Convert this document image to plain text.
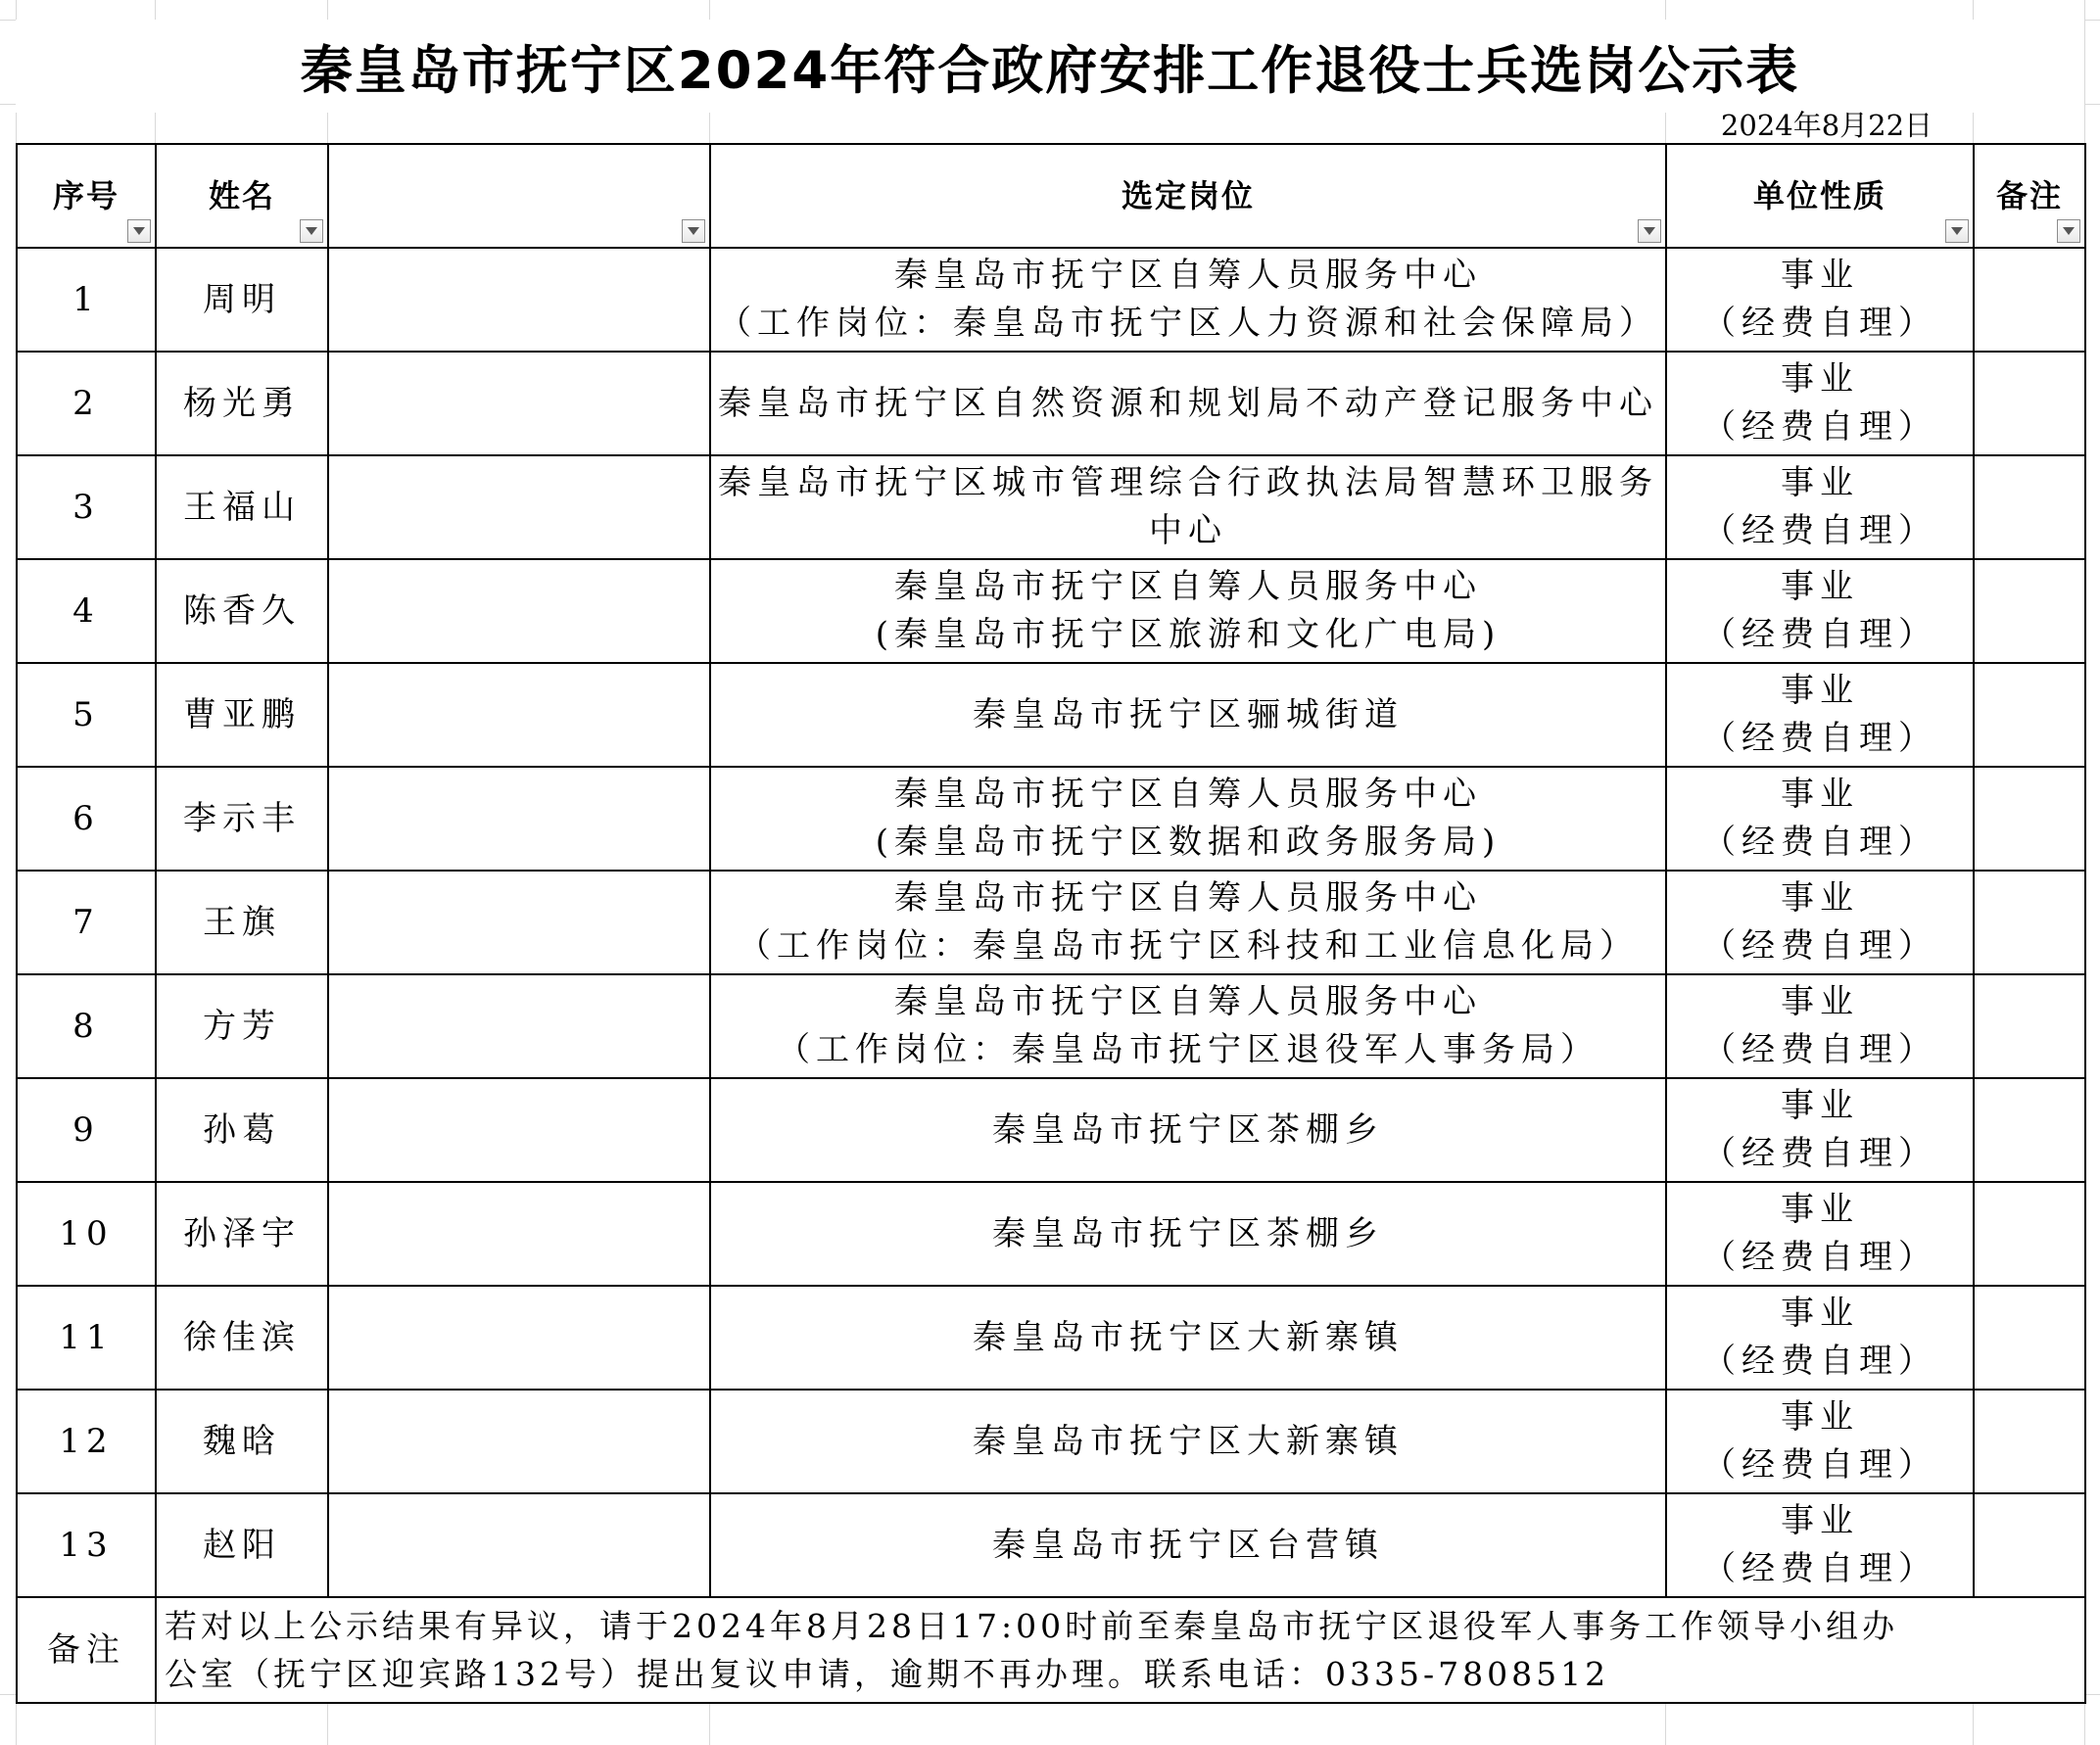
秦皇岛市抚宁区2024年符合政府安排工作退役士兵选岗公示表
2024年8月22日
序号	姓名		选定岗位	单位性质	备注

1	周明		秦皇岛市抚宁区自筹人员服务中心
（工作岗位：秦皇岛市抚宁区人力资源和社会保障局）	事业
（经费自理）	

2	杨光勇		秦皇岛市抚宁区自然资源和规划局不动产登记服务中心	事业
（经费自理）	

3	王福山		秦皇岛市抚宁区城市管理综合行政执法局智慧环卫服务
中心	事业
（经费自理）	

4	陈香久		秦皇岛市抚宁区自筹人员服务中心
(秦皇岛市抚宁区旅游和文化广电局)	事业
（经费自理）	

5	曹亚鹏		秦皇岛市抚宁区骊城街道	事业
（经费自理）	

6	李示丰		秦皇岛市抚宁区自筹人员服务中心
(秦皇岛市抚宁区数据和政务服务局)	事业
（经费自理）	

7	王旗		秦皇岛市抚宁区自筹人员服务中心
（工作岗位：秦皇岛市抚宁区科技和工业信息化局）	事业
（经费自理）	

8	方芳		秦皇岛市抚宁区自筹人员服务中心
（工作岗位：秦皇岛市抚宁区退役军人事务局）	事业
（经费自理）	

9	孙葛		秦皇岛市抚宁区茶棚乡	事业
（经费自理）	

10	孙泽宇		秦皇岛市抚宁区茶棚乡	事业
（经费自理）	

11	徐佳滨		秦皇岛市抚宁区大新寨镇	事业
（经费自理）	

12	魏晗		秦皇岛市抚宁区大新寨镇	事业
（经费自理）	

13	赵阳		秦皇岛市抚宁区台营镇	事业
（经费自理）	

备注	若对以上公示结果有异议，请于2024年8月28日17:00时前至秦皇岛市抚宁区退役军人事务工作领导小组办
公室（抚宁区迎宾路132号）提出复议申请，逾期不再办理。联系电话：0335-7808512				
